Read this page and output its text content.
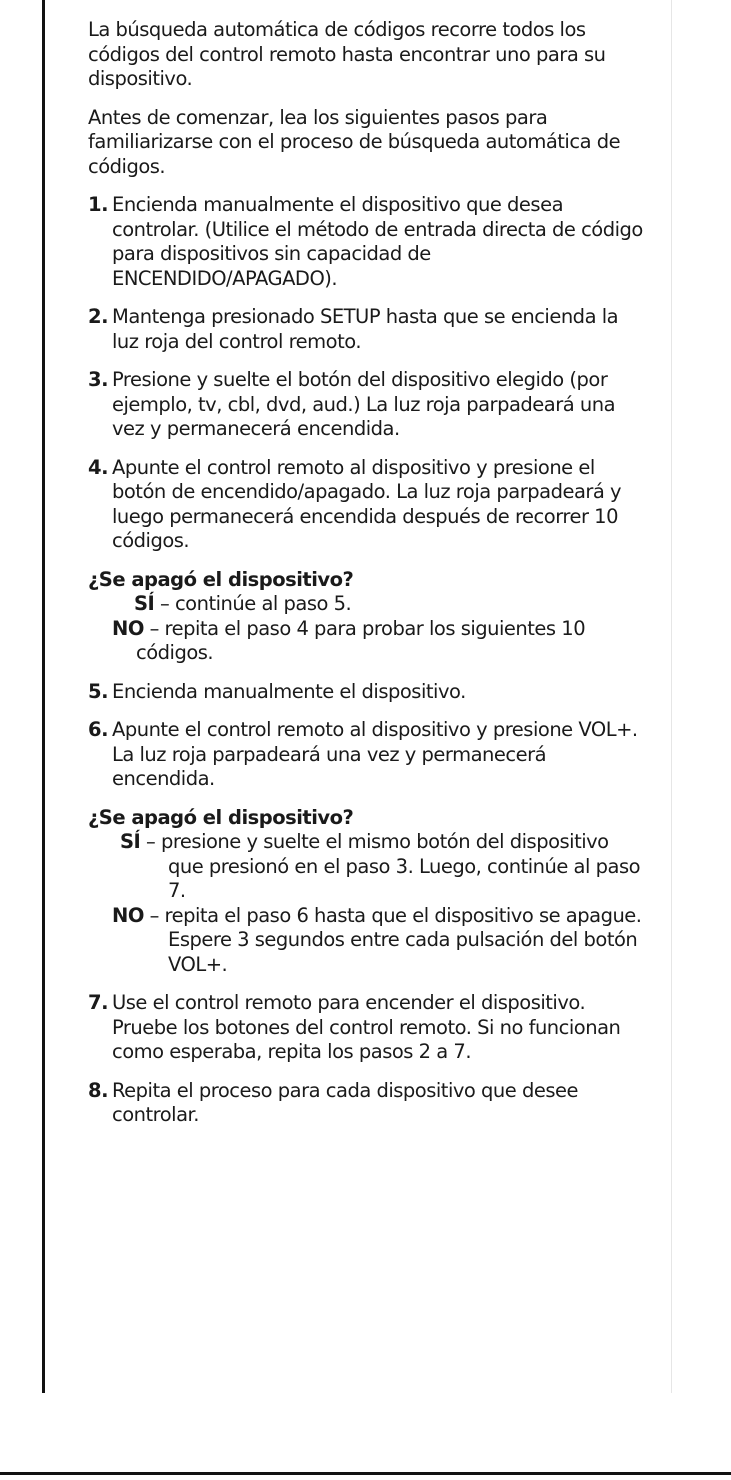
La búsqueda automática de códigos recorre todos los códigos del control remoto hasta encontrar uno para su dispositivo.

Antes de comenzar, lea los siguientes pasos para familiarizarse con el proceso de búsqueda automática de códigos.

1. Encienda manualmente el dispositivo que desea controlar. (Utilice el método de entrada directa de código para dispositivos sin capacidad de ENCENDIDO/APAGADO).
2. Mantenga presionado SETUP hasta que se encienda la luz roja del control remoto.
3. Presione y suelte el botón del dispositivo elegido (por ejemplo, tv, cbl, dvd, aud.) La luz roja parpadeará una vez y permanecerá encendida.
4. Apunte el control remoto al dispositivo y presione el botón de encendido/apagado. La luz roja parpadeará y luego permanecerá encendida después de recorrer 10 códigos.

¿Se apagó el dispositivo?

SÍ – continúe al paso 5.

NO – repita el paso 4 para probar los siguientes 10 códigos.

5. Encienda manualmente el dispositivo.
6. Apunte el control remoto al dispositivo y presione VOL+. La luz roja parpadeará una vez y permanecerá encendida.

¿Se apagó el dispositivo?

SÍ – presione y suelte el mismo botón del dispositivo que presionó en el paso 3. Luego, continúe al paso 7.

NO – repita el paso 6 hasta que el dispositivo se apague. Espere 3 segundos entre cada pulsación del botón VOL+.

7. Use el control remoto para encender el dispositivo. Pruebe los botones del control remoto. Si no funcionan como esperaba, repita los pasos 2 a 7.
8. Repita el proceso para cada dispositivo que desee controlar.
